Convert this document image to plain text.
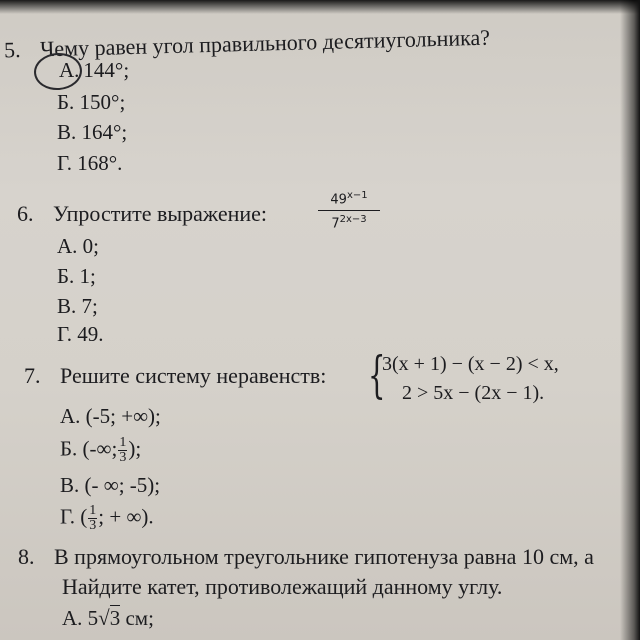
5. Чему равен угол правильного десятиугольника?
А. 144°;
Б. 150°;
В. 164°;
Г. 168°.
6. Упростите выражение:	$\frac{49^{x-1}}{7^{2x-3}}$
А. 0;
Б. 1;
В. 7;
Г. 49.
7. Решите систему неравенств: {
3(x + 1) − (x − 2) < x,
2 > 5x − (2x − 1).
А. (-5; +∞);
Б. (-∞; $\frac{1}{3}$ );
В. (- ∞; -5);
Г. ( $\frac{1}{3}$ ; + ∞).
8. В прямоугольном треугольнике гипотенуза равна 10 см, а
Найдите катет, противолежащий данному углу.
А. 5√3 см;
